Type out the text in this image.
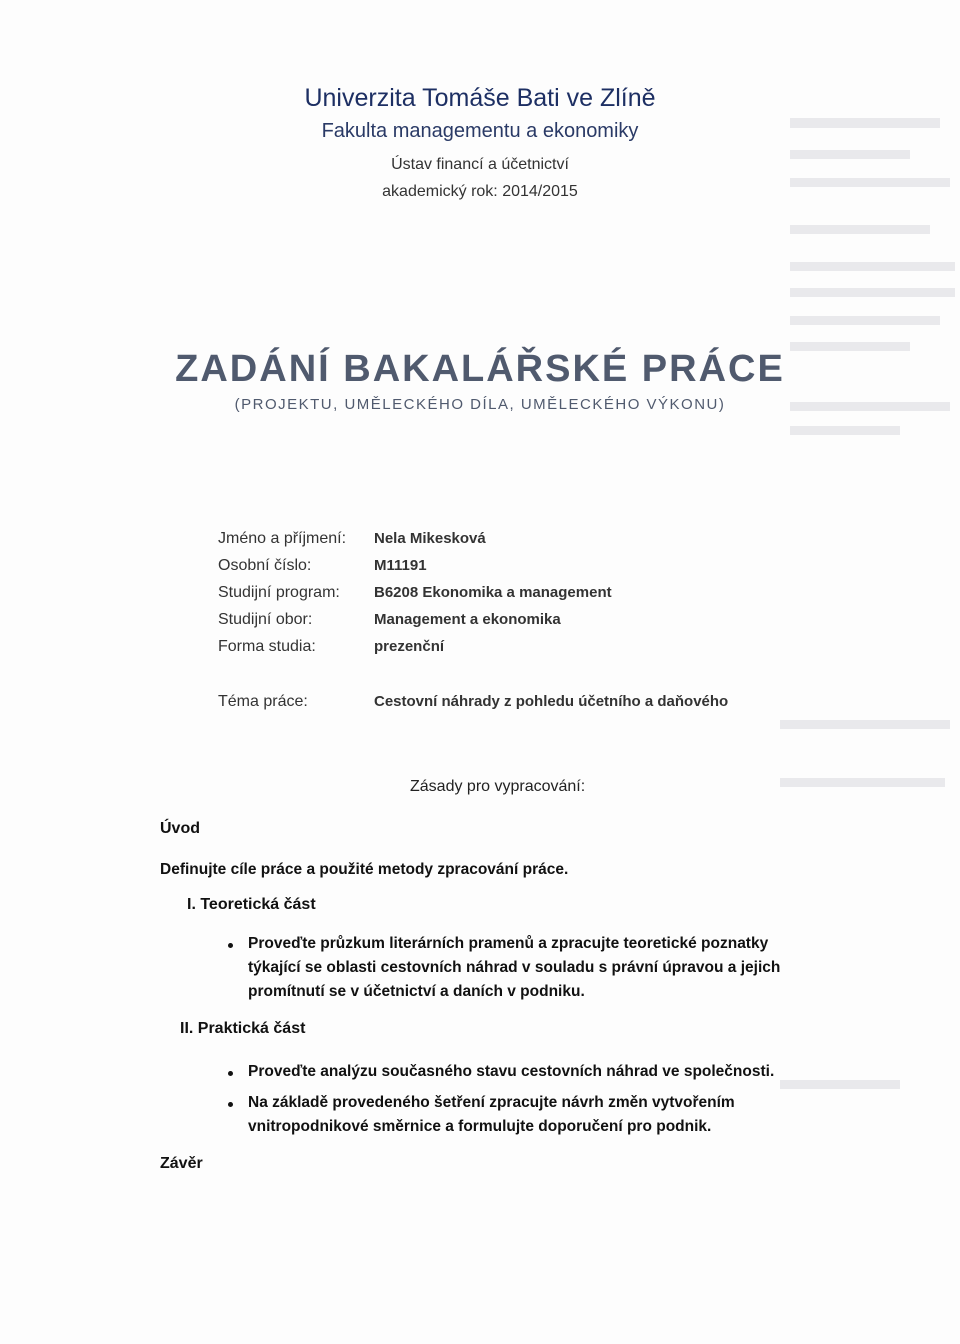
Univerzita Tomáše Bati ve Zlíně
Fakulta managementu a ekonomiky
Ústav financí a účetnictví
akademický rok: 2014/2015
ZADÁNÍ BAKALÁŘSKÉ PRÁCE
(PROJEKTU, UMĚLECKÉHO DÍLA, UMĚLECKÉHO VÝKONU)
Jméno a příjmení: Nela Mikesková
Osobní číslo:	M11191
Studijní program: B6208 Ekonomika a management
Studijní obor:	Management a ekonomika
Forma studia:	prezenční
Téma práce:	Cestovní náhrady z pohledu účetního a daňového
Zásady pro vypracování:
Úvod
Definujte cíle práce a použité metody zpracování práce.
I. Teoretická část
Proveďte průzkum literárních pramenů a zpracujte teoretické poznatky
týkající se oblasti cestovních náhrad v souladu s právní úpravou a jejich
promítnutí se v účetnictví a daních v podniku.
II. Praktická část
Proveďte analýzu současného stavu cestovních náhrad ve společnosti.
Na základě provedeného šetření zpracujte návrh změn vytvořením
vnitropodnikové směrnice a formulujte doporučení pro podnik.
Závěr
